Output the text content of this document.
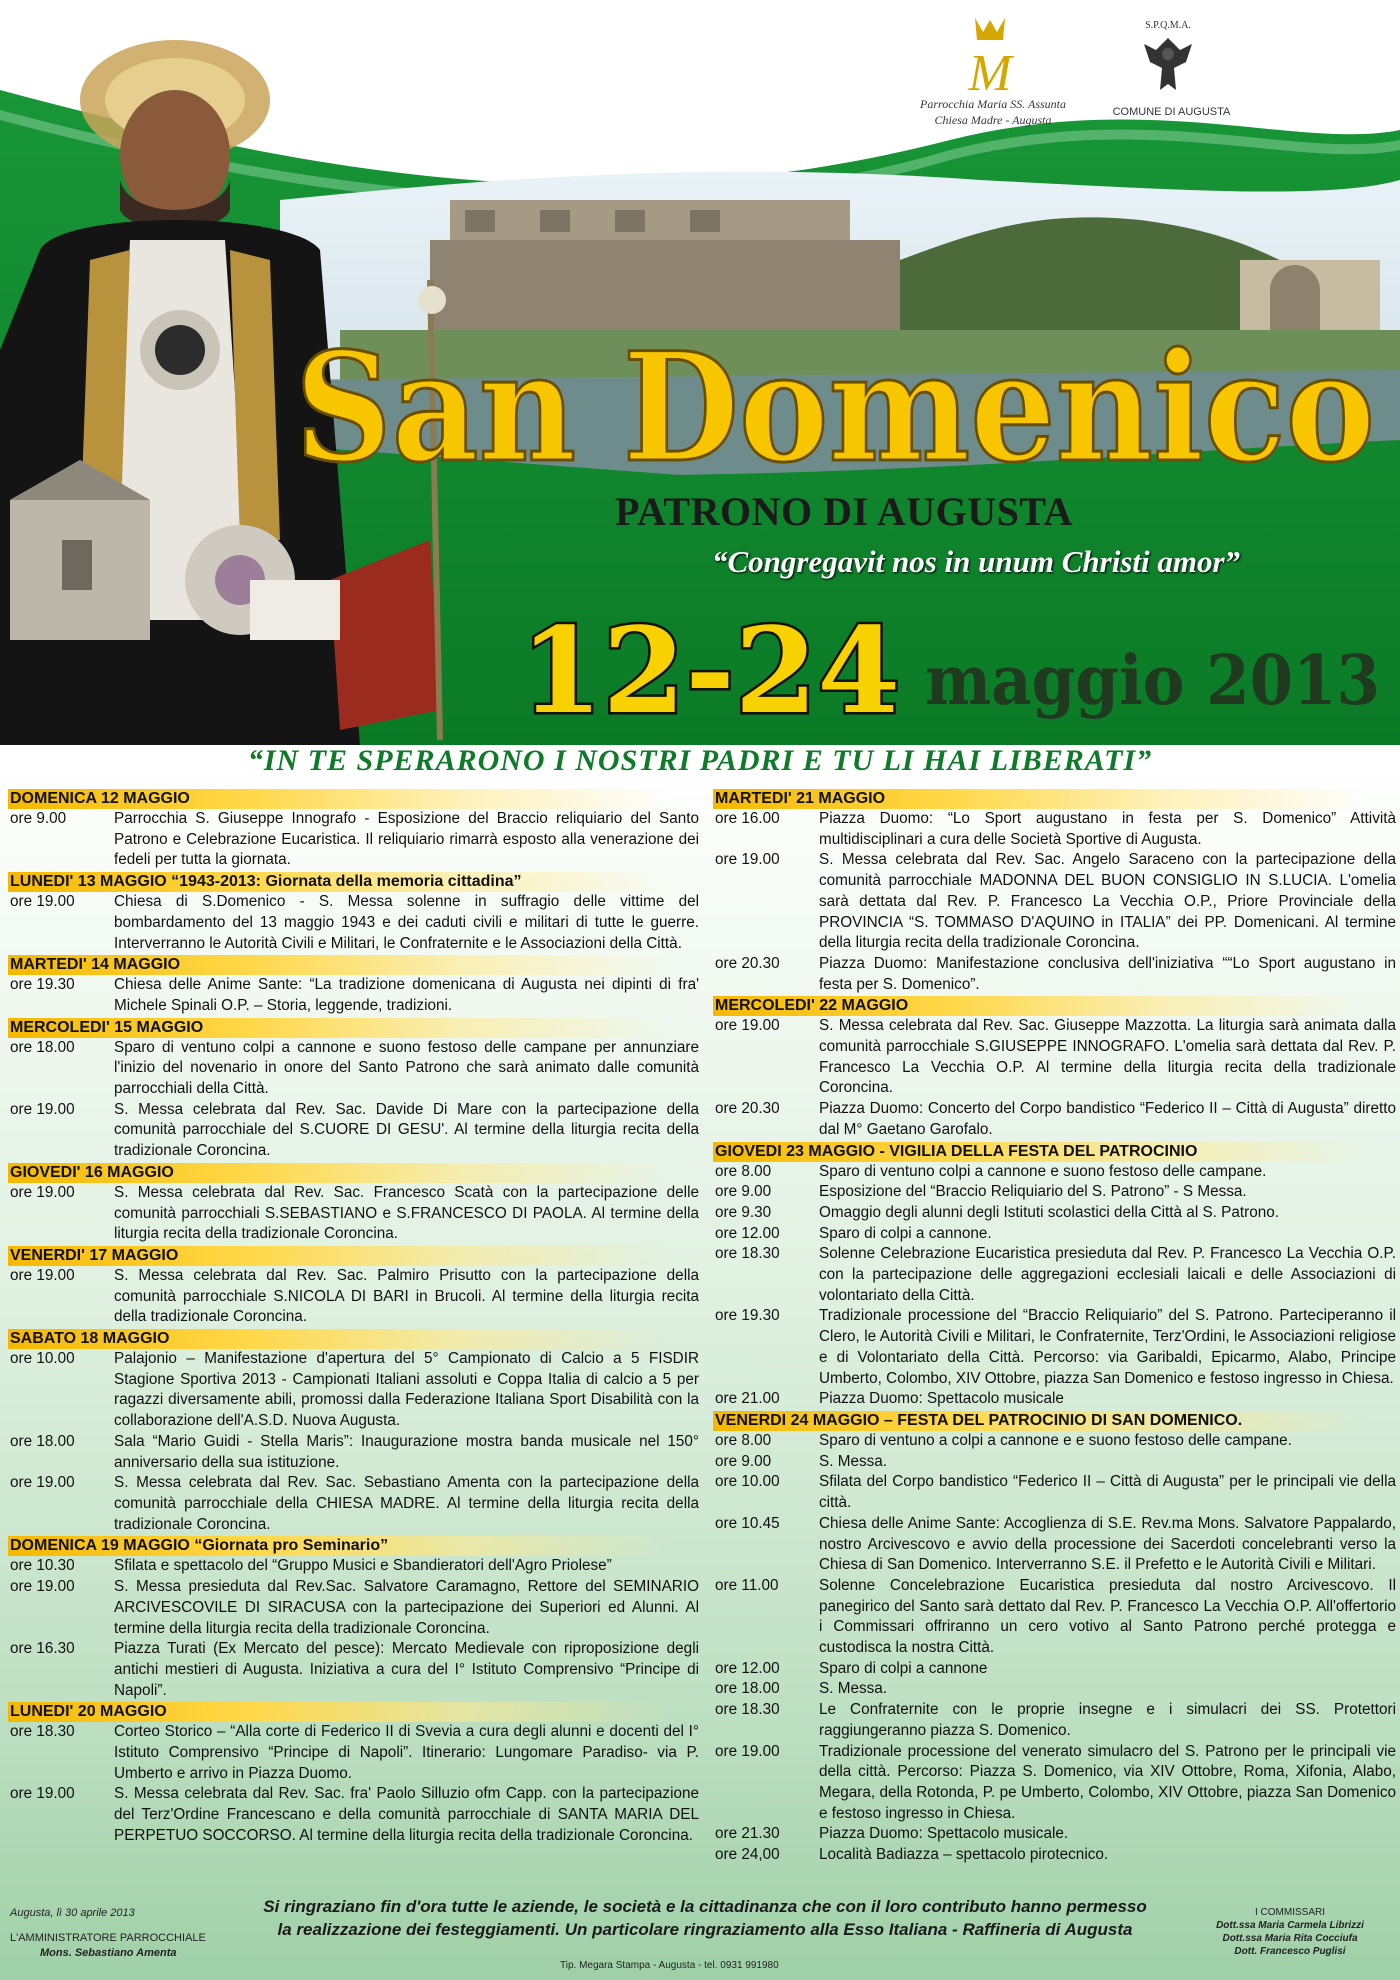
M
S.P.Q.M.A.
Parrocchia Maria SS. Assunta
Chiesa Madre - Augusta
COMUNE DI AUGUSTA
San Domenico
PATRONO DI AUGUSTA
“Congregavit nos in unum Christi amor”
12-24 maggio 2013
“IN TE SPERARONO I NOSTRI PADRI E TU LI HAI LIBERATI”
DOMENICA 12 MAGGIO
ore 9.00	Parrocchia S. Giuseppe Innografo - Esposizione del Braccio reliquiario del Santo Patrono e Celebrazione Eucaristica. Il reliquiario rimarrà esposto alla venerazione dei fedeli per tutta la giornata.
LUNEDI' 13 MAGGIO “1943-2013: Giornata della memoria cittadina”
ore 19.00	Chiesa di S.Domenico - S. Messa solenne in suffragio delle vittime del bombardamento del 13 maggio 1943 e dei caduti civili e militari di tutte le guerre. Interverranno le Autorità Civili e Militari, le Confraternite e le Associazioni della Città.
MARTEDI' 14 MAGGIO
ore 19.30	Chiesa delle Anime Sante: “La tradizione domenicana di Augusta nei dipinti di fra' Michele Spinali O.P. – Storia, leggende, tradizioni.
MERCOLEDI' 15 MAGGIO
ore 18.00	Sparo di ventuno colpi a cannone e suono festoso delle campane per annunziare l'inizio del novenario in onore del Santo Patrono che sarà animato dalle comunità parrocchiali della Città.
ore 19.00	S. Messa celebrata dal Rev. Sac. Davide Di Mare con la partecipazione della comunità parrocchiale del S.CUORE DI GESU'. Al termine della liturgia recita della tradizionale Coroncina.
GIOVEDI' 16 MAGGIO
ore 19.00	S. Messa celebrata dal Rev. Sac. Francesco Scatà con la partecipazione delle comunità parrocchiali S.SEBASTIANO e S.FRANCESCO DI PAOLA. Al termine della liturgia recita della tradizionale Coroncina.
VENERDI' 17 MAGGIO
ore 19.00	S. Messa celebrata dal Rev. Sac. Palmiro Prisutto con la partecipazione della comunità parrocchiale S.NICOLA DI BARI in Brucoli. Al termine della liturgia recita della tradizionale Coroncina.
SABATO 18 MAGGIO
ore 10.00	Palajonio – Manifestazione d'apertura del 5° Campionato di Calcio a 5 FISDIR Stagione Sportiva 2013 - Campionati Italiani assoluti e Coppa Italia di calcio a 5 per ragazzi diversamente abili, promossi dalla Federazione Italiana Sport Disabilità con la collaborazione dell'A.S.D. Nuova Augusta.
ore 18.00	Sala “Mario Guidi - Stella Maris”: Inaugurazione mostra banda musicale nel 150° anniversario della sua istituzione.
ore 19.00	S. Messa celebrata dal Rev. Sac. Sebastiano Amenta con la partecipazione della comunità parrocchiale della CHIESA MADRE. Al termine della liturgia recita della tradizionale Coroncina.
DOMENICA 19 MAGGIO “Giornata pro Seminario”
ore 10.30	Sfilata e spettacolo del “Gruppo Musici e Sbandieratori dell'Agro Priolese”
ore 19.00	S. Messa presieduta dal Rev.Sac. Salvatore Caramagno, Rettore del SEMINARIO ARCIVESCOVILE DI SIRACUSA con la partecipazione dei Superiori ed Alunni. Al termine della liturgia recita della tradizionale Coroncina.
ore 16.30	Piazza Turati (Ex Mercato del pesce): Mercato Medievale con riproposizione degli antichi mestieri di Augusta. Iniziativa a cura del I° Istituto Comprensivo “Principe di Napoli”.
LUNEDI' 20 MAGGIO
ore 18.30	Corteo Storico – “Alla corte di Federico II di Svevia a cura degli alunni e docenti del I° Istituto Comprensivo “Principe di Napoli”. Itinerario: Lungomare Paradiso- via P. Umberto e arrivo in Piazza Duomo.
ore 19.00	S. Messa celebrata dal Rev. Sac. fra' Paolo Silluzio ofm Capp. con la partecipazione del Terz'Ordine Francescano e della comunità parrocchiale di SANTA MARIA DEL PERPETUO SOCCORSO. Al termine della liturgia recita della tradizionale Coroncina.
MARTEDI' 21 MAGGIO
ore 16.00	Piazza Duomo: “Lo Sport augustano in festa per S. Domenico” Attività multidisciplinari a cura delle Società Sportive di Augusta.
ore 19.00	S. Messa celebrata dal Rev. Sac. Angelo Saraceno con la partecipazione della comunità parrocchiale MADONNA DEL BUON CONSIGLIO IN S.LUCIA. L'omelia sarà dettata dal Rev. P. Francesco La Vecchia O.P., Priore Provinciale della PROVINCIA “S. TOMMASO D'AQUINO in ITALIA” dei PP. Domenicani. Al termine della liturgia recita della tradizionale Coroncina.
ore 20.30	Piazza Duomo: Manifestazione conclusiva dell'iniziativa ““Lo Sport augustano in festa per S. Domenico”.
MERCOLEDI' 22 MAGGIO
ore 19.00	S. Messa celebrata dal Rev. Sac. Giuseppe Mazzotta. La liturgia sarà animata dalla comunità parrocchiale S.GIUSEPPE INNOGRAFO. L'omelia sarà dettata dal Rev. P. Francesco La Vecchia O.P. Al termine della liturgia recita della tradizionale Coroncina.
ore 20.30	Piazza Duomo: Concerto del Corpo bandistico “Federico II – Città di Augusta” diretto dal M° Gaetano Garofalo.
GIOVEDI 23 MAGGIO - VIGILIA DELLA FESTA DEL PATROCINIO
ore 8.00	Sparo di ventuno colpi a cannone e suono festoso delle campane.
ore 9.00	Esposizione del “Braccio Reliquiario del S. Patrono” - S Messa.
ore 9.30	Omaggio degli alunni degli Istituti scolastici della Città al S. Patrono.
ore 12.00	Sparo di colpi a cannone.
ore 18.30	Solenne Celebrazione Eucaristica presieduta dal Rev. P. Francesco La Vecchia O.P. con la partecipazione delle aggregazioni ecclesiali laicali e delle Associazioni di volontariato della Città.
ore 19.30	Tradizionale processione del “Braccio Reliquiario” del S. Patrono. Parteciperanno il Clero, le Autorità Civili e Militari, le Confraternite, Terz'Ordini, le Associazioni religiose e di Volontariato della Città. Percorso: via Garibaldi, Epicarmo, Alabo, Principe Umberto, Colombo, XIV Ottobre, piazza San Domenico e festoso ingresso in Chiesa.
ore 21.00	Piazza Duomo: Spettacolo musicale
VENERDI 24 MAGGIO – FESTA DEL PATROCINIO DI SAN DOMENICO.
ore 8.00	Sparo di ventuno a colpi a cannone e e suono festoso delle campane.
ore 9.00	S. Messa.
ore 10.00	Sfilata del Corpo bandistico “Federico II – Città di Augusta” per le principali vie della città.
ore 10.45	Chiesa delle Anime Sante: Accoglienza di S.E. Rev.ma Mons. Salvatore Pappalardo, nostro Arcivescovo e avvio della processione dei Sacerdoti concelebranti verso la Chiesa di San Domenico. Interverranno S.E. il Prefetto e le Autorità Civili e Militari.
ore 11.00	Solenne Concelebrazione Eucaristica presieduta dal nostro Arcivescovo. Il panegirico del Santo sarà dettato dal Rev. P. Francesco La Vecchia O.P. All'offertorio i Commissari offriranno un cero votivo al Santo Patrono perché protegga e custodisca la nostra Città.
ore 12.00	Sparo di colpi a cannone
ore 18.00	S. Messa.
ore 18.30	Le Confraternite con le proprie insegne e i simulacri dei SS. Protettori raggiungeranno piazza S. Domenico.
ore 19.00	Tradizionale processione del venerato simulacro del S. Patrono per le principali vie della città. Percorso: Piazza S. Domenico, via XIV Ottobre, Roma, Xifonia, Alabo, Megara, della Rotonda, P. pe Umberto, Colombo, XIV Ottobre, piazza San Domenico e festoso ingresso in Chiesa.
ore 21.30	Piazza Duomo: Spettacolo musicale.
ore 24,00	Località Badiazza – spettacolo pirotecnico.
Augusta, lì 30 aprile 2013
L'AMMINISTRATORE PARROCCHIALE
Mons. Sebastiano Amenta
Si ringraziano fin d'ora tutte le aziende, le società e la cittadinanza che con il loro contributo hanno permesso
la realizzazione dei festeggiamenti. Un particolare ringraziamento alla Esso Italiana - Raffineria di Augusta
Tip. Megara Stampa - Augusta - tel. 0931 991980
I COMMISSARI
Dott.ssa Maria Carmela Librizzi
Dott.ssa Maria Rita Cocciufa
Dott. Francesco Puglisi
